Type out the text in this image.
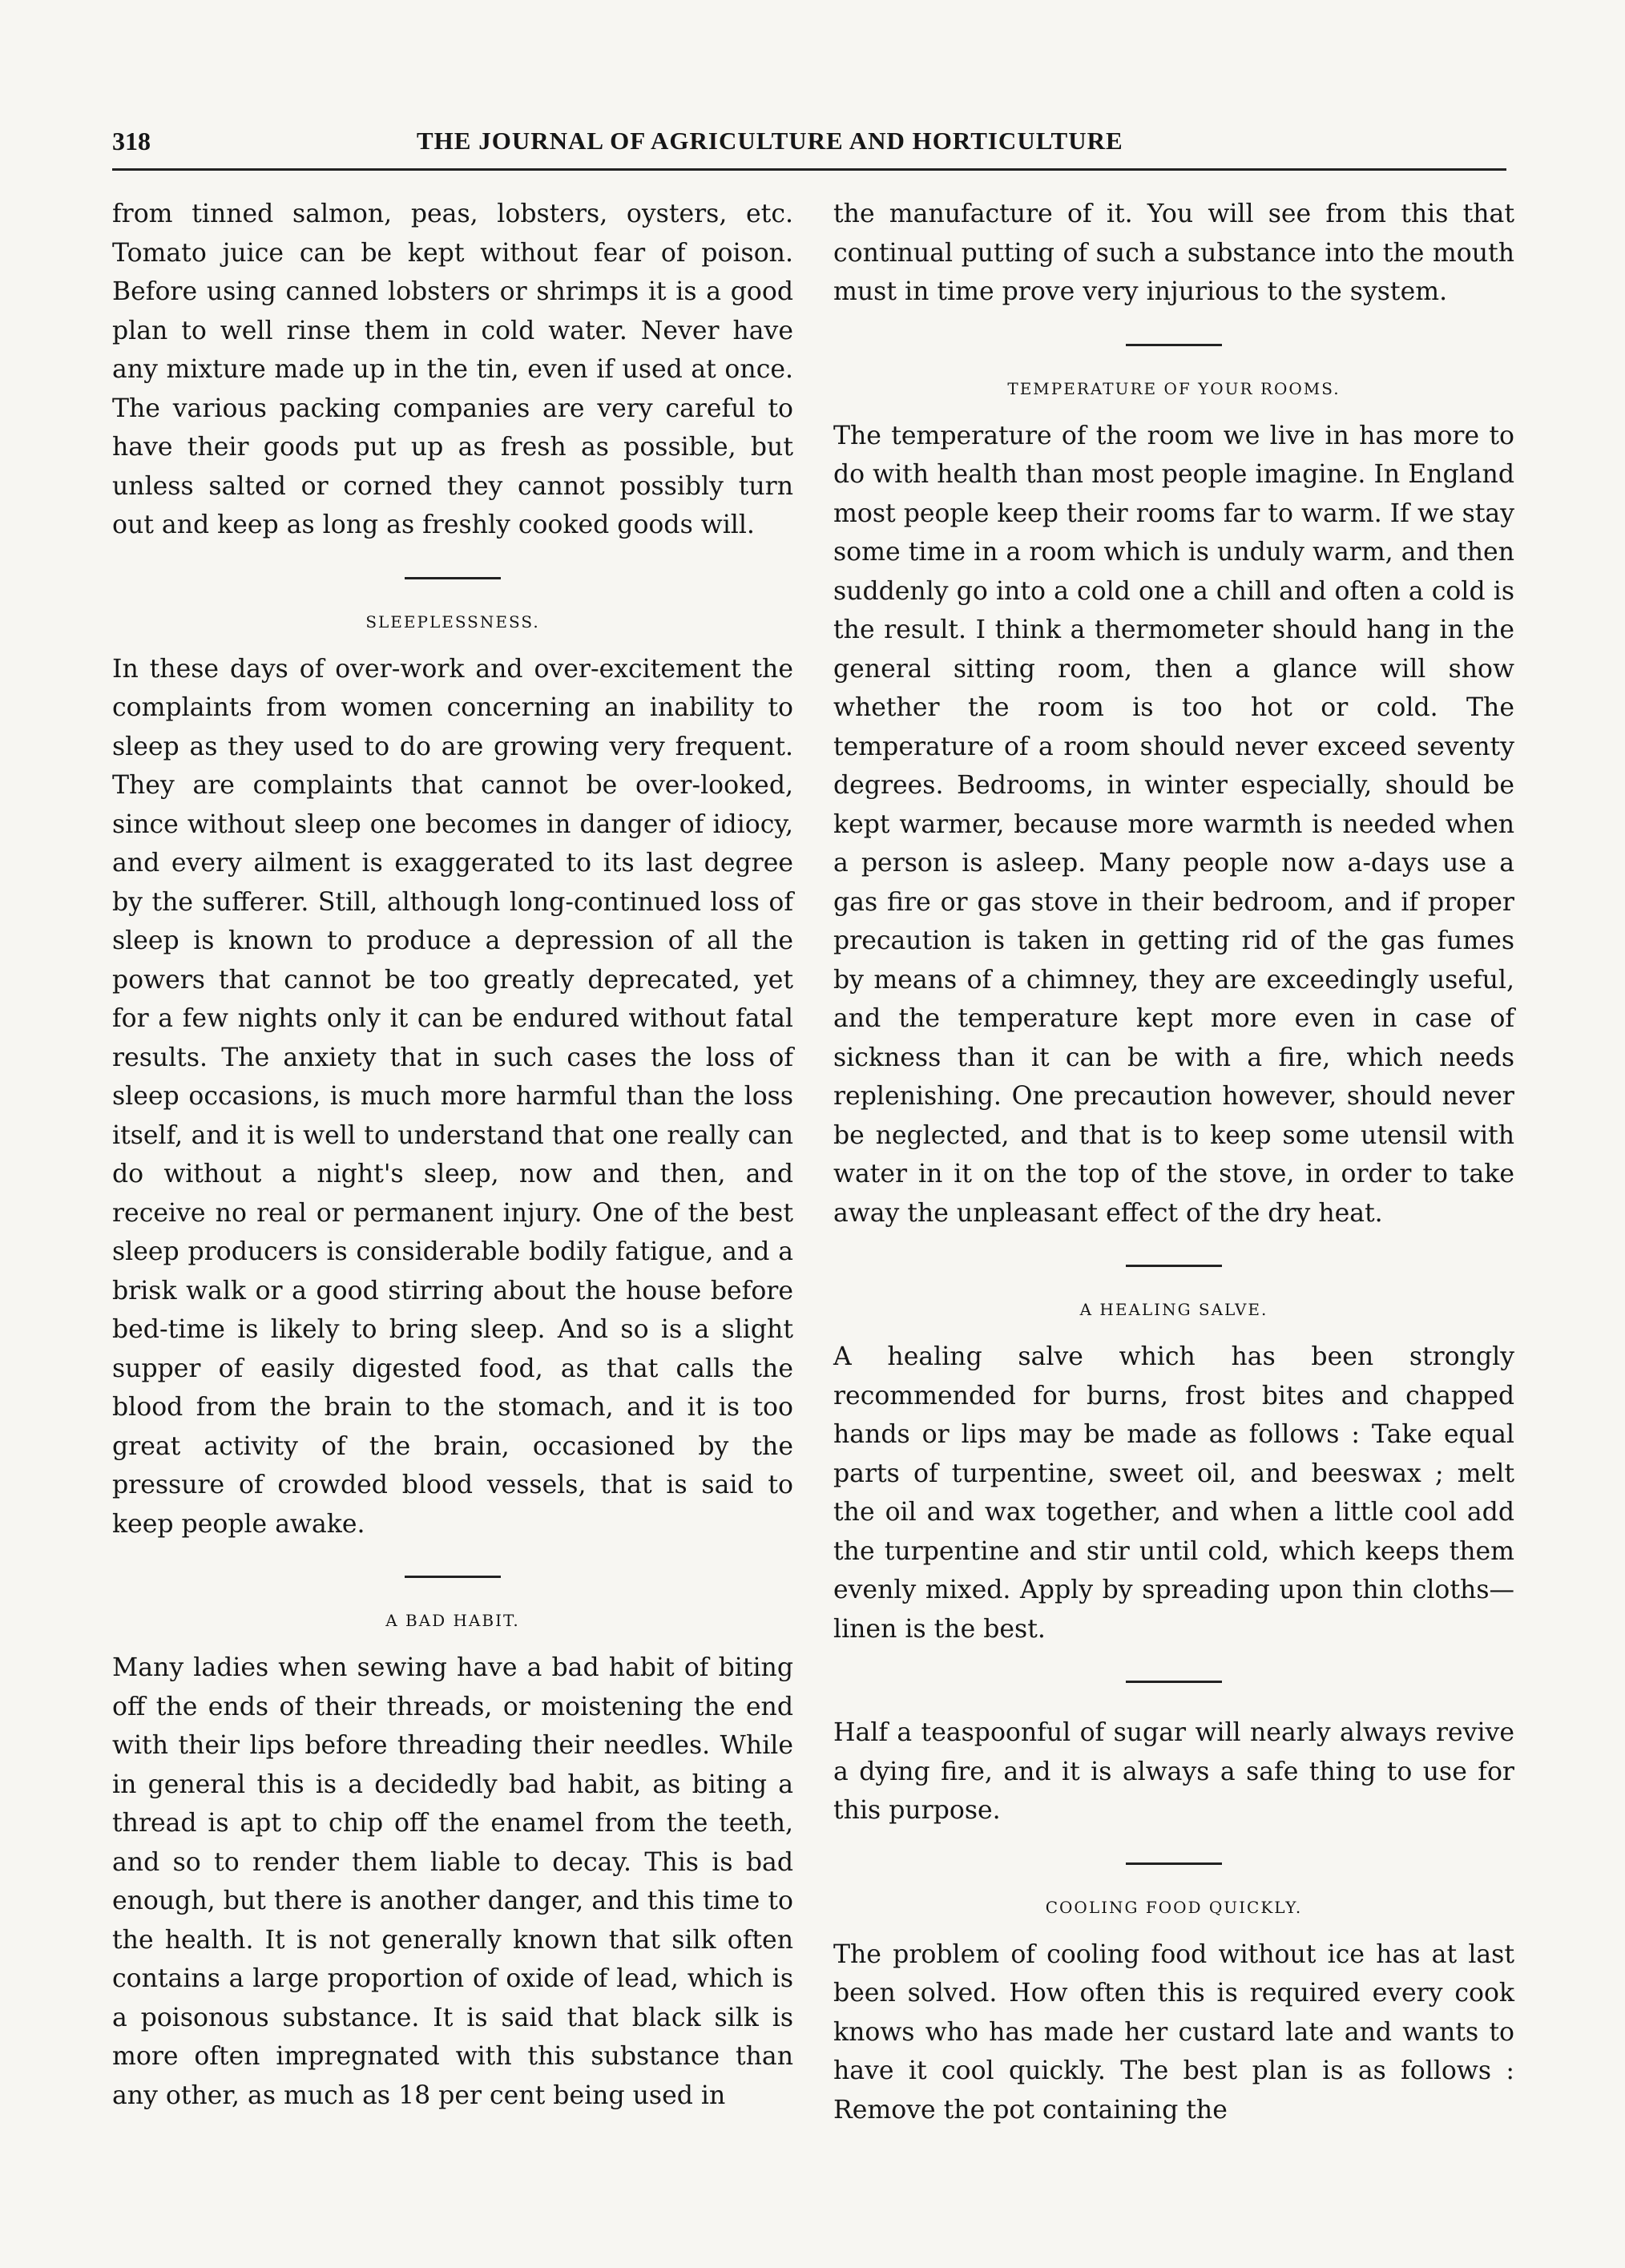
318	THE JOURNAL OF AGRICULTURE AND HORTICULTURE

from tinned salmon, peas, lobsters, oysters, etc. Tomato juice can be kept without fear of poison. Before using canned lobsters or shrimps it is a good plan to well rinse them in cold water. Never have any mixture made up in the tin, even if used at once. The various packing companies are very careful to have their goods put up as fresh as possible, but unless salted or corned they cannot possibly turn out and keep as long as freshly cooked goods will.

SLEEPLESSNESS.

In these days of over-work and over-excitement the complaints from women concerning an inability to sleep as they used to do are growing very frequent. They are complaints that cannot be over-looked, since without sleep one becomes in danger of idiocy, and every ailment is exaggerated to its last degree by the sufferer. Still, although long-continued loss of sleep is known to produce a depression of all the powers that cannot be too greatly deprecated, yet for a few nights only it can be endured without fatal results. The anxiety that in such cases the loss of sleep occasions, is much more harmful than the loss itself, and it is well to understand that one really can do without a night's sleep, now and then, and receive no real or permanent injury. One of the best sleep producers is considerable bodily fatigue, and a brisk walk or a good stirring about the house before bed-time is likely to bring sleep. And so is a slight supper of easily digested food, as that calls the blood from the brain to the stomach, and it is too great activity of the brain, occasioned by the pressure of crowded blood vessels, that is said to keep people awake.

A BAD HABIT.

Many ladies when sewing have a bad habit of biting off the ends of their threads, or moistening the end with their lips before threading their needles. While in general this is a decidedly bad habit, as biting a thread is apt to chip off the enamel from the teeth, and so to render them liable to decay. This is bad enough, but there is another danger, and this time to the health. It is not generally known that silk often contains a large proportion of oxide of lead, which is a poisonous substance. It is said that black silk is more often impregnated with this substance than any other, as much as 18 per cent being used in

the manufacture of it. You will see from this that continual putting of such a substance into the mouth must in time prove very injurious to the system.

TEMPERATURE OF YOUR ROOMS.

The temperature of the room we live in has more to do with health than most people imagine. In England most people keep their rooms far to warm. If we stay some time in a room which is unduly warm, and then suddenly go into a cold one a chill and often a cold is the result. I think a thermometer should hang in the general sitting room, then a glance will show whether the room is too hot or cold. The temperature of a room should never exceed seventy degrees. Bedrooms, in winter especially, should be kept warmer, because more warmth is needed when a person is asleep. Many people now a-days use a gas fire or gas stove in their bedroom, and if proper precaution is taken in getting rid of the gas fumes by means of a chimney, they are exceedingly useful, and the temperature kept more even in case of sickness than it can be with a fire, which needs replenishing. One precaution however, should never be neglected, and that is to keep some utensil with water in it on the top of the stove, in order to take away the unpleasant effect of the dry heat.

A HEALING SALVE.

A healing salve which has been strongly recommended for burns, frost bites and chapped hands or lips may be made as follows : Take equal parts of turpentine, sweet oil, and beeswax ; melt the oil and wax together, and when a little cool add the turpentine and stir until cold, which keeps them evenly mixed. Apply by spreading upon thin cloths—linen is the best.

Half a teaspoonful of sugar will nearly always revive a dying fire, and it is always a safe thing to use for this purpose.

COOLING FOOD QUICKLY.

The problem of cooling food without ice has at last been solved. How often this is required every cook knows who has made her custard late and wants to have it cool quickly. The best plan is as follows : Remove the pot containing the
